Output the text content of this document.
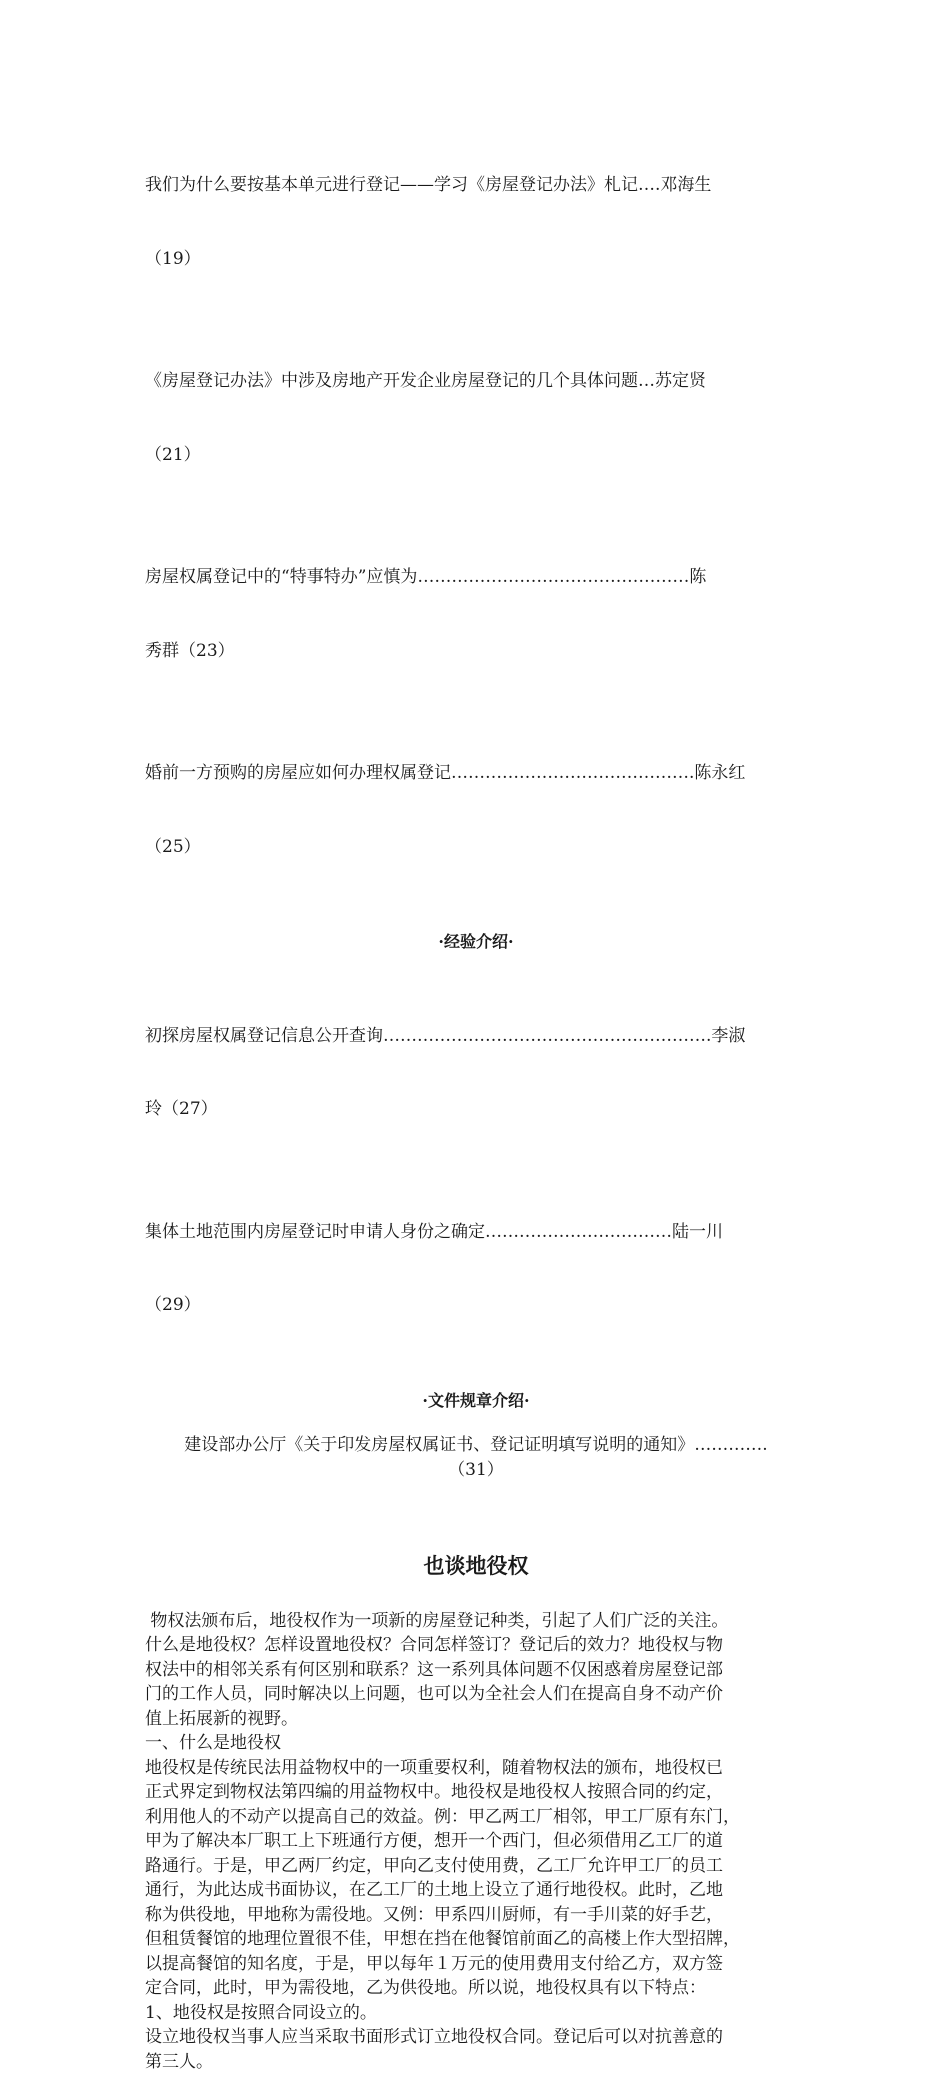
我们为什么要按基本单元进行登记——学习《房屋登记办法》札记….邓海生

（19）

《房屋登记办法》中涉及房地产开发企业房屋登记的几个具体问题…苏定贤

（21）

房屋权属登记中的“特事特办”应慎为…………………………………………陈

秀群（23）

婚前一方预购的房屋应如何办理权属登记…………………………………….陈永红

（25）

·经验介绍·

初探房屋权属登记信息公开查询………………………………………………….李淑

玲（27）

集体土地范围内房屋登记时申请人身份之确定……………………………陆一川

（29）

·文件规章介绍·
建设部办公厅《关于印发房屋权属证书、登记证明填写说明的通知》………….
（31）
也谈地役权
物权法颁布后，地役权作为一项新的房屋登记种类，引起了人们广泛的关注。
什么是地役权？怎样设置地役权？合同怎样签订？登记后的效力？地役权与物
权法中的相邻关系有何区别和联系？这一系列具体问题不仅困惑着房屋登记部
门的工作人员，同时解决以上问题，也可以为全社会人们在提高自身不动产价
值上拓展新的视野。
一、什么是地役权
地役权是传统民法用益物权中的一项重要权利，随着物权法的颁布，地役权已
正式界定到物权法第四编的用益物权中。地役权是地役权人按照合同的约定，
利用他人的不动产以提高自己的效益。例：甲乙两工厂相邻，甲工厂原有东门，
甲为了解决本厂职工上下班通行方便，想开一个西门，但必须借用乙工厂的道
路通行。于是，甲乙两厂约定，甲向乙支付使用费，乙工厂允许甲工厂的员工
通行，为此达成书面协议，在乙工厂的土地上设立了通行地役权。此时，乙地
称为供役地，甲地称为需役地。又例：甲系四川厨师，有一手川菜的好手艺，
但租赁餐馆的地理位置很不佳，甲想在挡在他餐馆前面乙的高楼上作大型招牌，
以提高餐馆的知名度，于是，甲以每年１万元的使用费用支付给乙方，双方签
定合同，此时，甲为需役地，乙为供役地。所以说，地役权具有以下特点：
1、地役权是按照合同设立的。
设立地役权当事人应当采取书面形式订立地役权合同。登记后可以对抗善意的
第三人。
